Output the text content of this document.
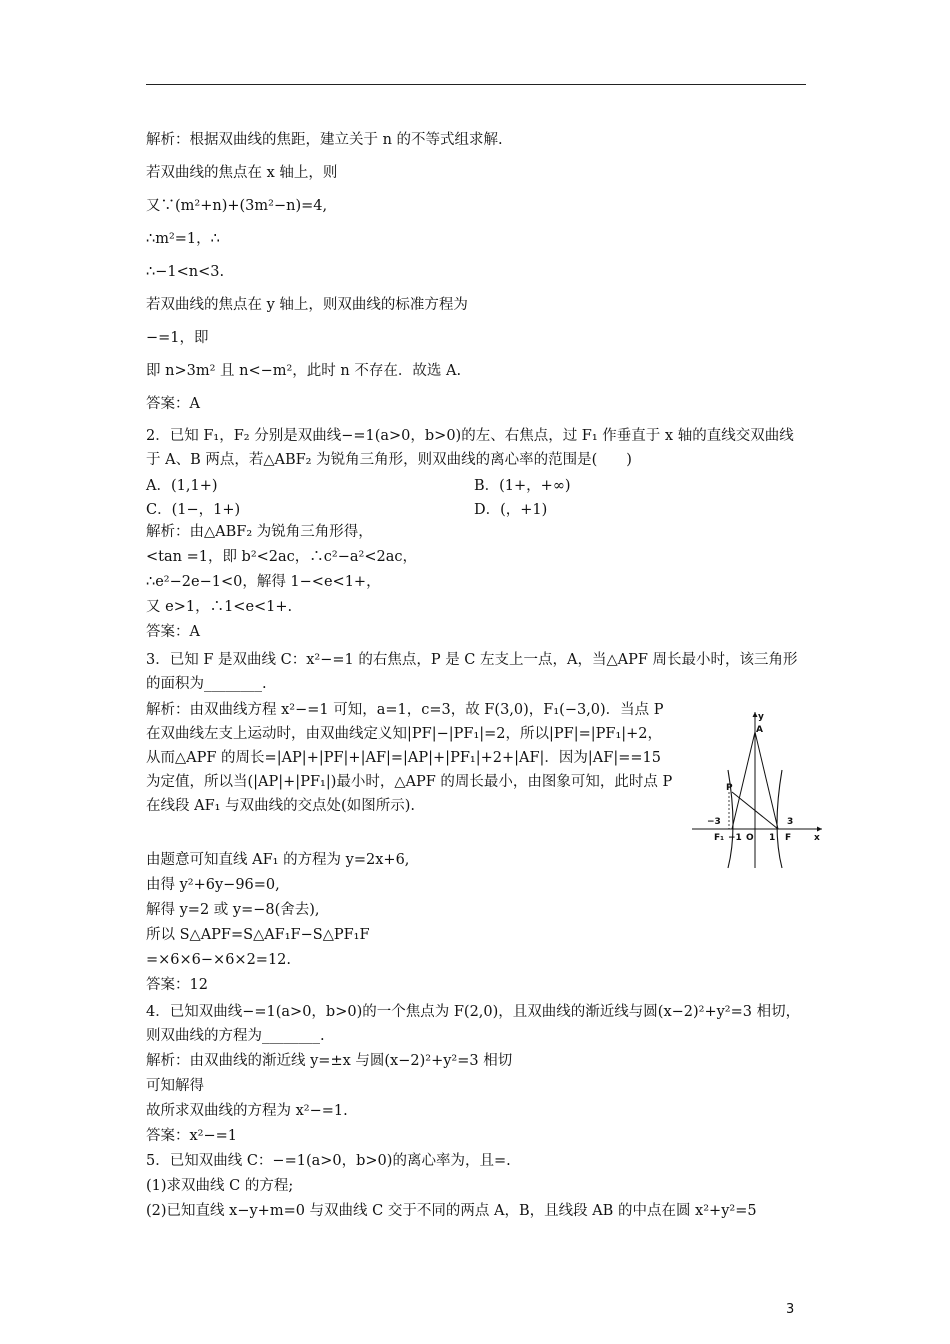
解析：根据双曲线的焦距，建立关于 n 的不等式组求解.
若双曲线的焦点在 x 轴上，则
又∵(m²+n)+(3m²−n)=4,
∴m²=1，∴
∴−1<n<3.
若双曲线的焦点在 y 轴上，则双曲线的标准方程为
−=1，即
即 n>3m² 且 n<−m²，此时 n 不存在．故选 A.
答案：A
2．已知 F₁，F₂ 分别是双曲线−=1(a>0，b>0)的左、右焦点，过 F₁ 作垂直于 x 轴的直线交双曲线于 A、B 两点，若△ABF₂ 为锐角三角形，则双曲线的离心率的范围是(　　)
A．(1,1+)	B．(1+，+∞)
C．(1−，1+)	D．(，+1)
解析：由△ABF₂ 为锐角三角形得，
<tan =1，即 b²<2ac，∴c²−a²<2ac，
∴e²−2e−1<0，解得 1−<e<1+，
又 e>1，∴1<e<1+.
答案：A
3．已知 F 是双曲线 C：x²−=1 的右焦点，P 是 C 左支上一点，A，当△APF 周长最小时，该三角形的面积为________.
解析：由双曲线方程 x²−=1 可知，a=1，c=3，故 F(3,0)，F₁(−3,0)．当点 P 在双曲线左支上运动时，由双曲线定义知|PF|−|PF₁|=2，所以|PF|=|PF₁|+2，从而△APF 的周长=|AP|+|PF|+|AF|=|AP|+|PF₁|+2+|AF|．因为|AF|==15 为定值，所以当(|AP|+|PF₁|)最小时，△APF 的周长最小，由图象可知，此时点 P 在线段 AF₁ 与双曲线的交点处(如图所示).
y
A
P
−3	3
F₁ −1 O 1 F	x
由题意可知直线 AF₁ 的方程为 y=2x+6,
由得 y²+6y−96=0,
解得 y=2 或 y=−8(舍去),
所以 S△APF=S△AF₁F−S△PF₁F
=×6×6−×6×2=12.
答案：12
4．已知双曲线−=1(a>0，b>0)的一个焦点为 F(2,0)，且双曲线的渐近线与圆(x−2)²+y²=3 相切，则双曲线的方程为________.
解析：由双曲线的渐近线 y=±x 与圆(x−2)²+y²=3 相切
可知解得
故所求双曲线的方程为 x²−=1.
答案：x²−=1
5．已知双曲线 C：−=1(a>0，b>0)的离心率为，且=.
(1)求双曲线 C 的方程;
(2)已知直线 x−y+m=0 与双曲线 C 交于不同的两点 A，B，且线段 AB 的中点在圆 x²+y²=5
3
